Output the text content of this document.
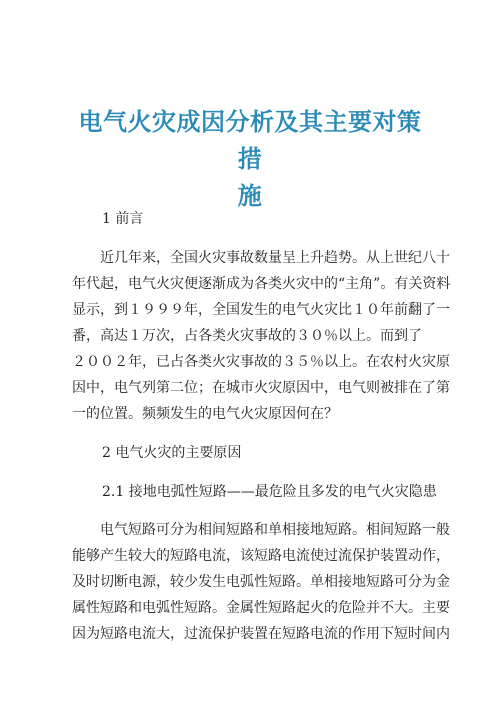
电气火灾成因分析及其主要对策措
施
1 前言
近几年来，全国火灾事故数量呈上升趋势。从上世纪八十
年代起，电气火灾便逐渐成为各类火灾中的“主角”。有关资料
显示，到１９９９年，全国发生的电气火灾比１０年前翻了一
番，高达１万次，占各类火灾事故的３０％以上。而到了
２００２年，已占各类火灾事故的３５％以上。在农村火灾原
因中，电气列第二位；在城市火灾原因中，电气则被排在了第
一的位置。频频发生的电气火灾原因何在？
2 电气火灾的主要原因
2.1 接地电弧性短路——最危险且多发的电气火灾隐患
电气短路可分为相间短路和单相接地短路。相间短路一般
能够产生较大的短路电流，该短路电流使过流保护装置动作，
及时切断电源，较少发生电弧性短路。单相接地短路可分为金
属性短路和电弧性短路。金属性短路起火的危险并不大。主要
因为短路电流大，过流保护装置在短路电流的作用下短时间内
